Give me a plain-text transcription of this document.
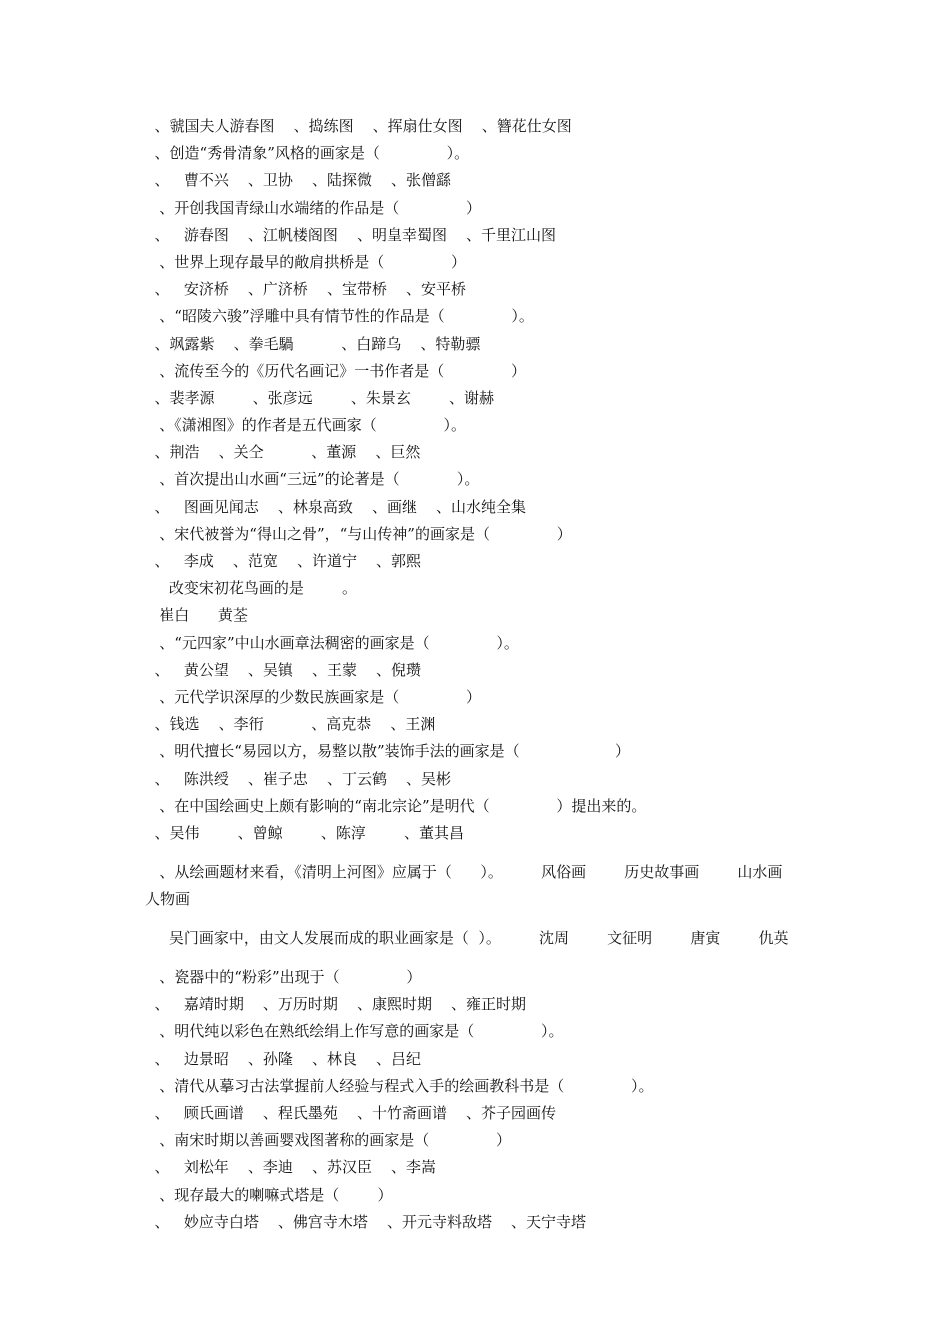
、虢国夫人游春图    、捣练图    、挥扇仕女图    、簪花仕女图
、创造“秀骨清象”风格的画家是（              ）。
、   曹不兴    、卫协    、陆探微    、张僧繇
、开创我国青绿山水端绪的作品是（              ）
、   游春图    、江帆楼阁图    、明皇幸蜀图    、千里江山图
、世界上现存最早的敞肩拱桥是（              ）
、   安济桥    、广济桥    、宝带桥    、安平桥
、“昭陵六骏”浮雕中具有情节性的作品是（              ）。
、飒露紫    、拳毛騧          、白蹄乌    、特勒骠
、流传至今的《历代名画记》一书作者是（              ）
、裴孝源        、张彦远        、朱景玄        、谢赫
、《潇湘图》的作者是五代画家（              ）。
、荆浩    、关仝          、董源    、巨然
、首次提出山水画“三远”的论著是（            ）。
、   图画见闻志    、林泉高致    、画继    、山水纯全集
、宋代被誉为“得山之骨”，“与山传神”的画家是（              ）
、   李成    、范宽    、许道宁    、郭熙
改变宋初花鸟画的是        。
崔白      黄荃
、“元四家”中山水画章法稠密的画家是（              ）。
、   黄公望    、吴镇    、王蒙    、倪瓒
、元代学识深厚的少数民族画家是（              ）
、钱选    、李衎          、高克恭    、王渊
、明代擅长“易园以方，易整以散”装饰手法的画家是（                    ）
、   陈洪绶    、崔子忠    、丁云鹤    、吴彬
、在中国绘画史上颇有影响的“南北宗论”是明代（              ）提出来的。
、吴伟        、曾鲸        、陈淳        、董其昌

、从绘画题材来看，《清明上河图》应属于（      ）。        风俗画        历史故事画        山水画        人物画

吴门画家中，由文人发展而成的职业画家是（  ）。        沈周        文征明        唐寅        仇英

、瓷器中的“粉彩”出现于（              ）
、   嘉靖时期    、万历时期    、康熙时期    、雍正时期
、明代纯以彩色在熟纸绘绢上作写意的画家是（              ）。
、   边景昭    、孙隆    、林良    、吕纪
、清代从摹习古法掌握前人经验与程式入手的绘画教科书是（              ）。
、   顾氏画谱    、程氏墨苑    、十竹斋画谱    、芥子园画传
、南宋时期以善画婴戏图著称的画家是（              ）
、   刘松年    、李迪    、苏汉臣    、李嵩
、现存最大的喇嘛式塔是（        ）
、   妙应寺白塔    、佛宫寺木塔    、开元寺料敌塔    、天宁寺塔
